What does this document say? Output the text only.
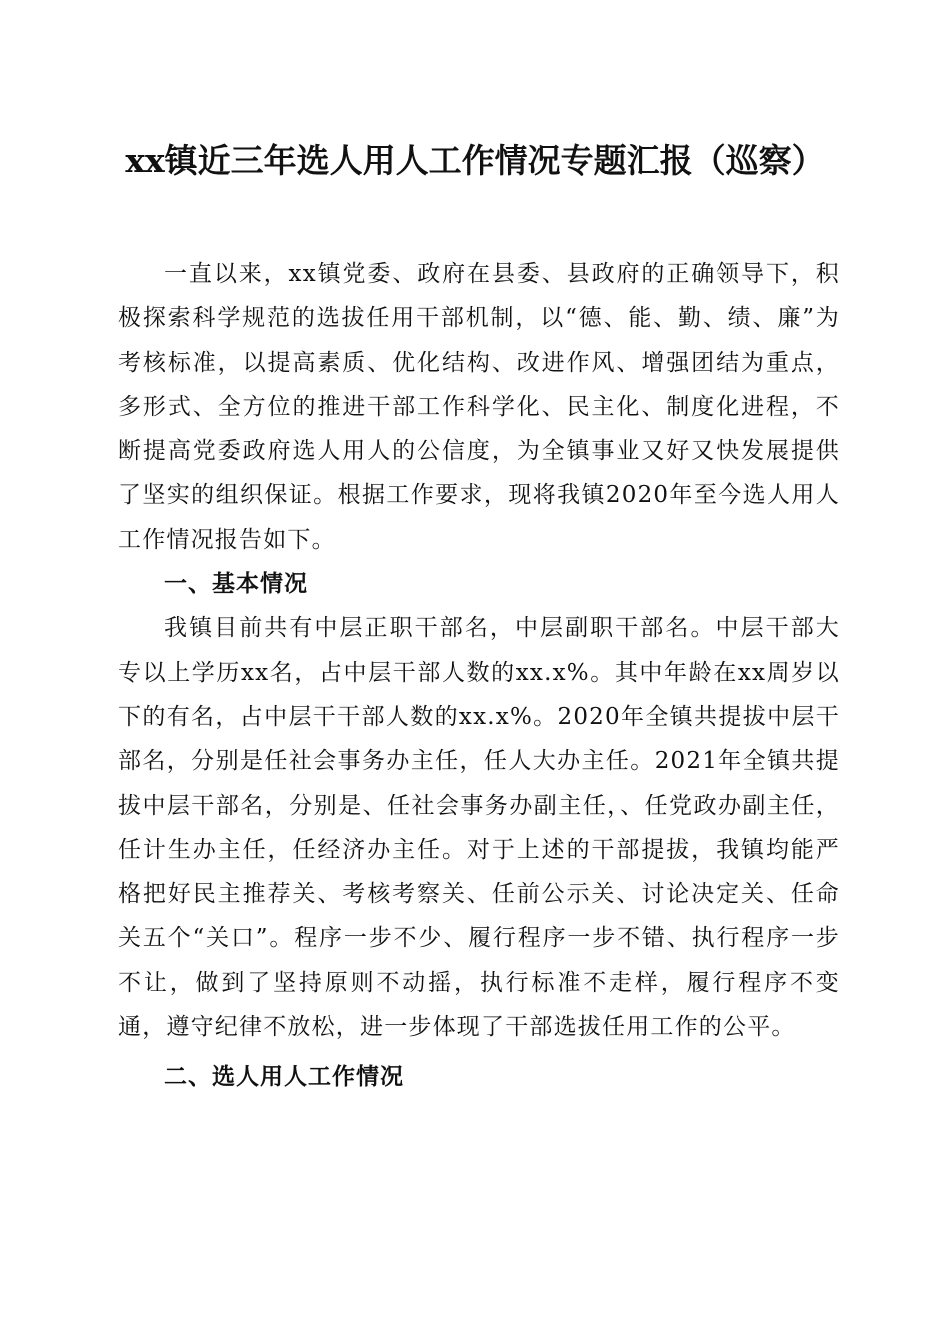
xx镇近三年选人用人工作情况专题汇报（巡察）

一直以来，xx镇党委、政府在县委、县政府的正确领导下，积极探索科学规范的选拔任用干部机制，以“德、能、勤、绩、廉”为考核标准，以提高素质、优化结构、改进作风、增强团结为重点，多形式、全方位的推进干部工作科学化、民主化、制度化进程，不断提高党委政府选人用人的公信度，为全镇事业又好又快发展提供了坚实的组织保证。根据工作要求，现将我镇2020年至今选人用人工作情况报告如下。

一、基本情况

我镇目前共有中层正职干部名，中层副职干部名。中层干部大专以上学历xx名，占中层干部人数的xx.x%。其中年龄在xx周岁以下的有名，占中层干干部人数的xx.x%。2020年全镇共提拔中层干部名，分别是任社会事务办主任，任人大办主任。2021年全镇共提拔中层干部名，分别是、任社会事务办副主任，、任党政办副主任，任计生办主任，任经济办主任。对于上述的干部提拔，我镇均能严格把好民主推荐关、考核考察关、任前公示关、讨论决定关、任命关五个“关口”。程序一步不少、履行程序一步不错、执行程序一步不让，做到了坚持原则不动摇，执行标准不走样，履行程序不变通，遵守纪律不放松，进一步体现了干部选拔任用工作的公平。

二、选人用人工作情况
